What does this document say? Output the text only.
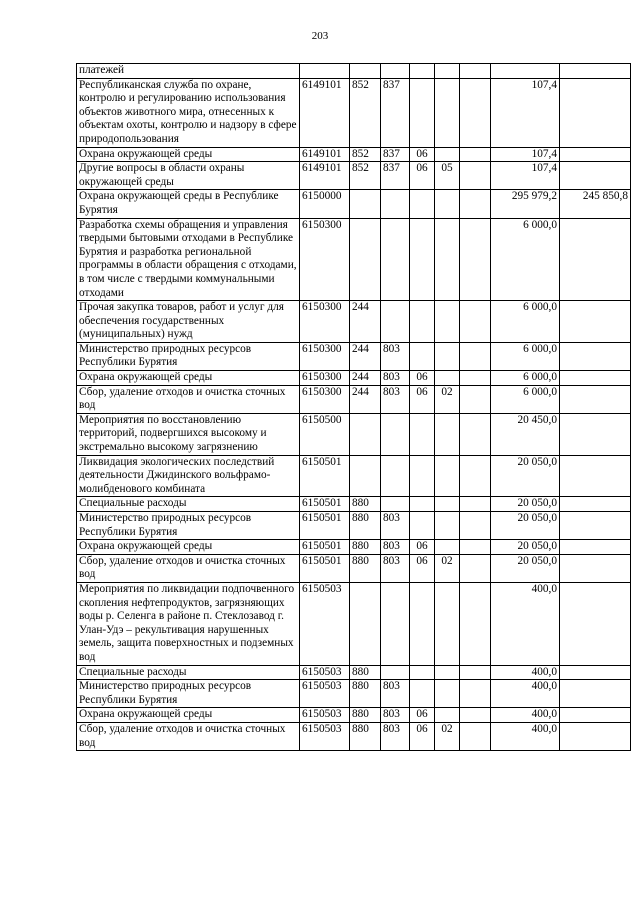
203
платежей								
Республиканская служба по охране, контролю и регулированию использования объектов животного мира, отнесенных к объектам охоты, контролю и надзору в сфере природопользования	6149101	852	837				107,4	
Охрана окружающей среды	6149101	852	837	06			107,4	
Другие вопросы в области охраны окружающей среды	6149101	852	837	06	05		107,4	
Охрана окружающей среды в Республике Бурятия	6150000						295 979,2	245 850,8
Разработка схемы обращения и управления твердыми бытовыми отходами в Республике Бурятия и разработка региональной программы в области обращения с отходами, в том числе с твердыми коммунальными отходами	6150300						6 000,0	
Прочая закупка товаров, работ и услуг для обеспечения государственных (муниципальных) нужд	6150300	244					6 000,0	
Министерство природных ресурсов Республики Бурятия	6150300	244	803				6 000,0	
Охрана окружающей среды	6150300	244	803	06			6 000,0	
Сбор, удаление отходов и очистка сточных вод	6150300	244	803	06	02		6 000,0	
Мероприятия по восстановлению территорий, подвергшихся высокому и экстремально высокому загрязнению	6150500						20 450,0	
Ликвидация экологических последствий деятельности Джидинского вольфрамо-молибденового комбината	6150501						20 050,0	
Специальные расходы	6150501	880					20 050,0	
Министерство природных ресурсов Республики Бурятия	6150501	880	803				20 050,0	
Охрана окружающей среды	6150501	880	803	06			20 050,0	
Сбор, удаление отходов и очистка сточных вод	6150501	880	803	06	02		20 050,0	
Мероприятия по ликвидации подпочвенного скопления нефтепродуктов, загрязняющих воды р. Селенга в районе п. Стеклозавод г. Улан-Удэ – рекультивация нарушенных земель, защита поверхностных и подземных вод	6150503						400,0	
Специальные расходы	6150503	880					400,0	
Министерство природных ресурсов Республики Бурятия	6150503	880	803				400,0	
Охрана окружающей среды	6150503	880	803	06			400,0	
Сбор, удаление отходов и очистка сточных вод	6150503	880	803	06	02		400,0	
